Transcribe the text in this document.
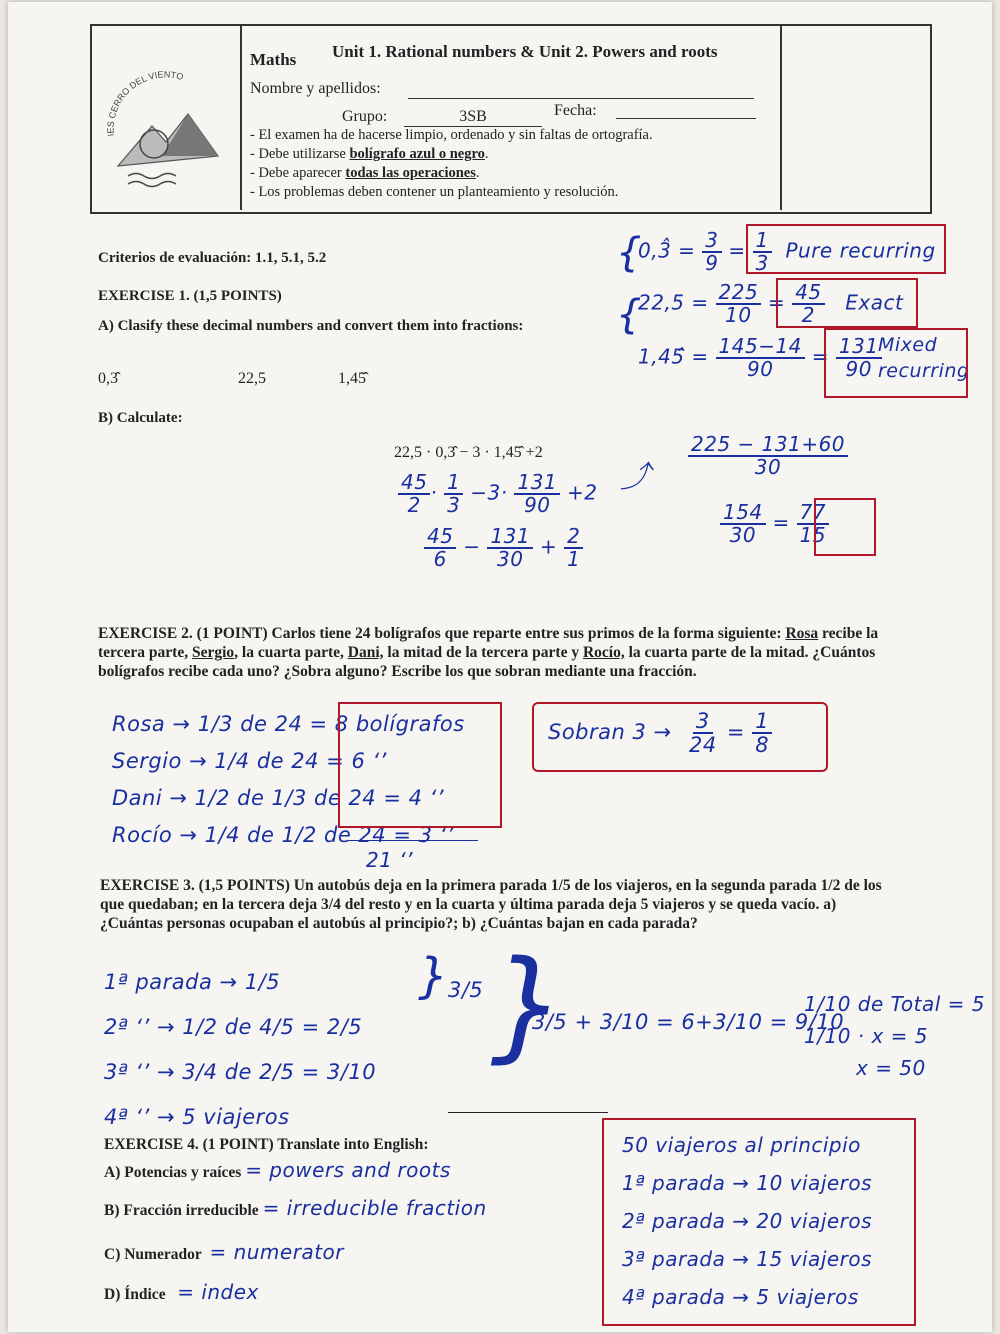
IES CERRO DEL VIENTO
Maths Unit 1. Rational numbers & Unit 2. Powers and roots
Nombre y apellidos:
Grupo:	3SB	Fecha:
- El examen ha de hacerse limpio, ordenado y sin faltas de ortografía.
- Debe utilizarse bolígrafo azul o negro.
- Debe aparecer todas las operaciones.
- Los problemas deben contener un planteamiento y resolución.
Criterios de evaluación: 1.1, 5.1, 5.2
EXERCISE 1. (1,5 POINTS)
A) Clasify these decimal numbers and convert them into fractions:
0,3̂	22,5	1,45̂
B) Calculate:
22,5 · 0,3̂ − 3 · 1,45̂ +2
{
{
0,3̂ = $\frac{3}{9} = \frac{1}{3}$ Pure recurring
$22,5 = \frac{225}{10} = \frac{45}{2}$ Exact
1,45̂ = $\frac{145-14}{90} = \frac{131}{90}$
Mixed recurring
$\frac{45}{2} \cdot \frac{1}{3} -3\cdot \frac{131}{90} +2$
$\frac{45}{6} - \frac{131}{30} + \frac{2}{1}$
⤴ $\frac{225 - 131+60}{30}$
$\frac{154}{30} = \frac{77}{15}$
EXERCISE 2. (1 POINT) Carlos tiene 24 bolígrafos que reparte entre sus primos de la forma siguiente: Rosa recibe la tercera parte, Sergio, la cuarta parte, Dani, la mitad de la tercera parte y Rocío, la cuarta parte de la mitad. ¿Cuántos bolígrafos recibe cada uno? ¿Sobra alguno? Escribe los que sobran mediante una fracción.
Rosa → 1/3 de 24 = 8 bolígrafos
Sergio → 1/4 de 24 = 6 ‘’
Dani → 1/2 de 1/3 de 24 = 4 ‘’
Rocío → 1/4 de 1/2 de 24 = 3 ‘’
21 ‘’
Sobran $3 \to \frac{3}{24} = \frac{1}{8}$
EXERCISE 3. (1,5 POINTS) Un autobús deja en la primera parada 1/5 de los viajeros, en la segunda parada 1/2 de los que quedaban; en la tercera deja 3/4 del resto y en la cuarta y última parada deja 5 viajeros y se queda vacío. a) ¿Cuántas personas ocupaban el autobús al principio?; b) ¿Cuántas bajan en cada parada?
1ª parada → 1/5
2ª ‘’ → 1/2 de 4/5 = 2/5
3ª ‘’ → 3/4 de 2/5 = 3/10
4ª ‘’ → 5 viajeros
}
3/5 }
3/5 + 3/10 = 6+3/10 = 9/10
1/10 de Total = 5
1/10 · x = 5
x = 50
50 viajeros al principio
1ª parada → 10 viajeros
2ª parada → 20 viajeros
3ª parada → 15 viajeros
4ª parada → 5 viajeros
EXERCISE 4. (1 POINT) Translate into English:
A) Potencias y raíces = powers and roots
B) Fracción irreducible = irreducible fraction
C) Numerador = numerator
D) Índice = index
